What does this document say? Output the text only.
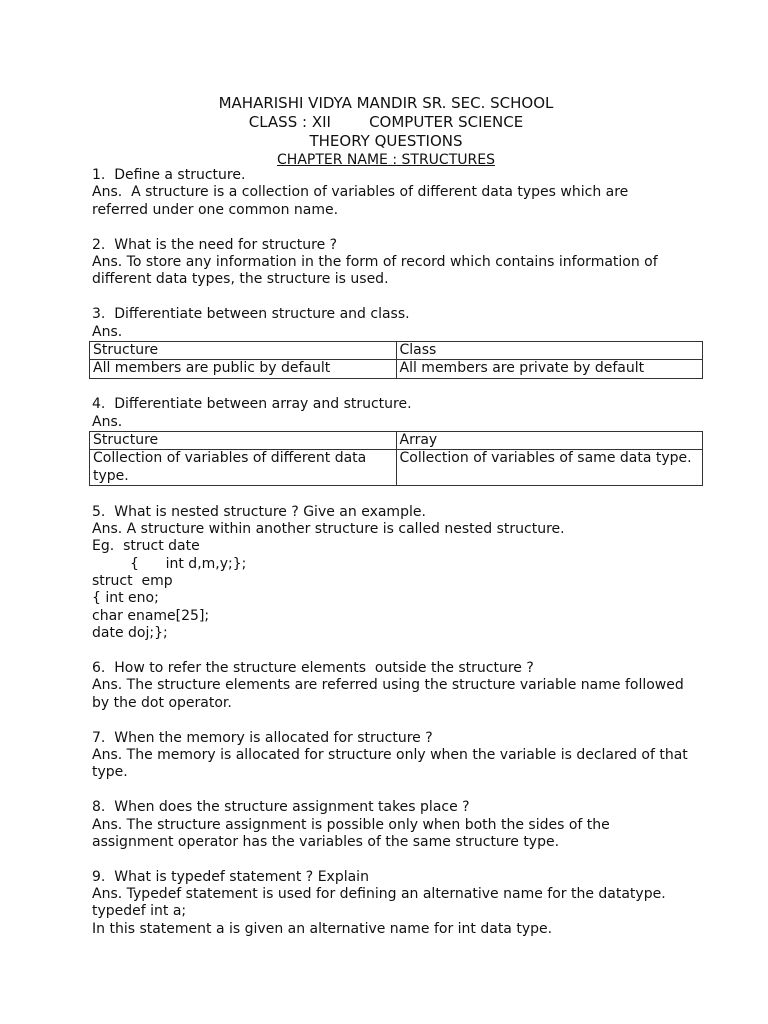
MAHARISHI VIDYA MANDIR SR. SEC. SCHOOL
CLASS : XII        COMPUTER SCIENCE
THEORY QUESTIONS
CHAPTER NAME : STRUCTURES
1.  Define a structure.
Ans.  A structure is a collection of variables of different data types which are
referred under one common name.
2.  What is the need for structure ?
Ans. To store any information in the form of record which contains information of
different data types, the structure is used.
3.  Differentiate between structure and class.
Ans.
Structure	Class
All members are public by default	All members are private by default
4.  Differentiate between array and structure.
Ans.
Structure	Array
Collection of variables of different data type.	Collection of variables of same data type.
5.  What is nested structure ? Give an example.
Ans. A structure within another structure is called nested structure.
Eg.  struct date
{      int d,m,y;};
struct  emp
{ int eno;
char ename[25];
date doj;};
6.  How to refer the structure elements  outside the structure ?
Ans. The structure elements are referred using the structure variable name followed
by the dot operator.
7.  When the memory is allocated for structure ?
Ans. The memory is allocated for structure only when the variable is declared of that
type.
8.  When does the structure assignment takes place ?
Ans. The structure assignment is possible only when both the sides of the
assignment operator has the variables of the same structure type.
9.  What is typedef statement ? Explain
Ans. Typedef statement is used for defining an alternative name for the datatype.
typedef int a;
In this statement a is given an alternative name for int data type.
